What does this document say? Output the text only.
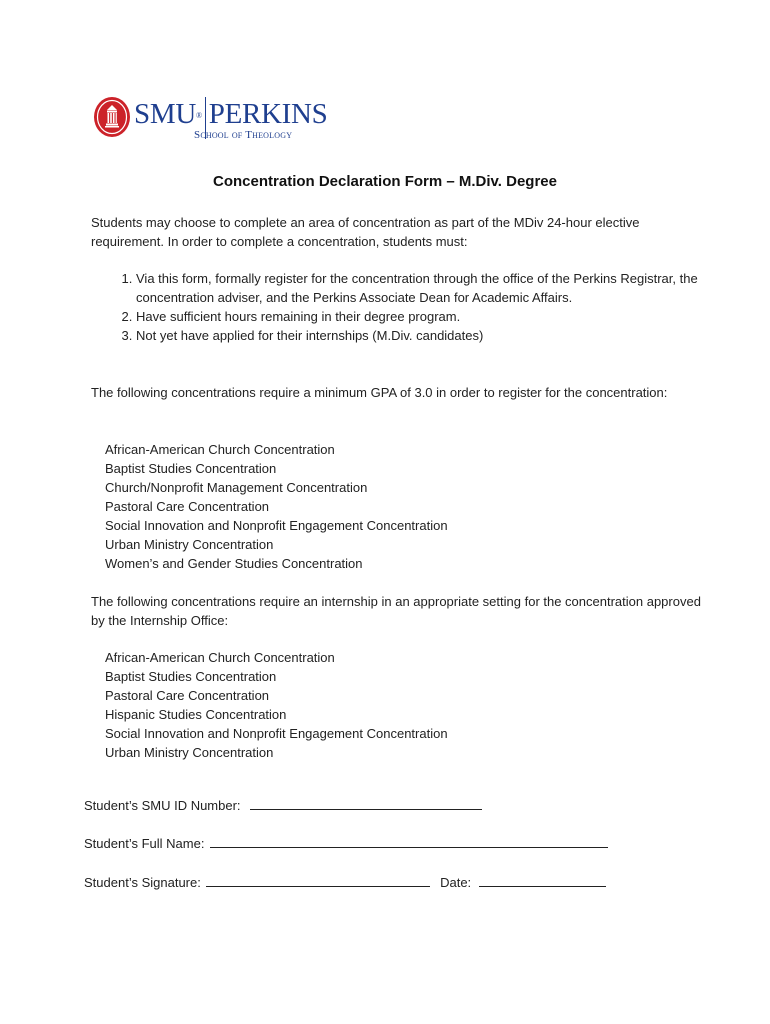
SMU® PERKINS
School of Theology
Concentration Declaration Form – M.Div. Degree
Students may choose to complete an area of concentration as part of the MDiv 24-hour elective requirement. In order to complete a concentration, students must:
1. Via this form, formally register for the concentration through the office of the Perkins Registrar, the concentration adviser, and the Perkins Associate Dean for Academic Affairs.
2. Have sufficient hours remaining in their degree program.
3. Not yet have applied for their internships (M.Div. candidates)
The following concentrations require a minimum GPA of 3.0 in order to register for the concentration:
African-American Church Concentration
Baptist Studies Concentration
Church/Nonprofit Management Concentration
Pastoral Care Concentration
Social Innovation and Nonprofit Engagement Concentration
Urban Ministry Concentration
Women’s and Gender Studies Concentration
The following concentrations require an internship in an appropriate setting for the concentration approved by the Internship Office:
African-American Church Concentration
Baptist Studies Concentration
Pastoral Care Concentration
Hispanic Studies Concentration
Social Innovation and Nonprofit Engagement Concentration
Urban Ministry Concentration
Student’s SMU ID Number:
Student’s Full Name:
Student’s Signature:	Date:
